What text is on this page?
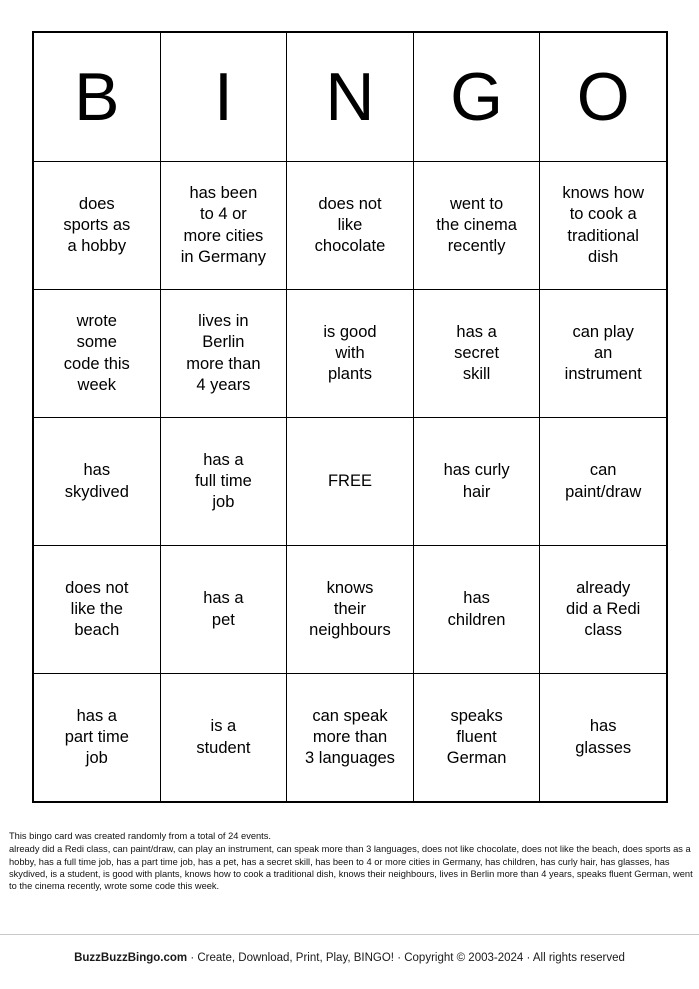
B	I	N	G	O
does
sports as
a hobby	has been
to 4 or
more cities
in Germany	does not
like
chocolate	went to
the cinema
recently	knows how
to cook a
traditional
dish
wrote
some
code this
week	lives in
Berlin
more than
4 years	is good
with
plants	has a
secret
skill	can play
an
instrument
has
skydived	has a
full time
job	FREE	has curly
hair	can
paint/draw
does not
like the
beach	has a
pet	knows
their
neighbours	has
children	already
did a Redi
class
has a
part time
job	is a
student	can speak
more than
3 languages	speaks
fluent
German	has
glasses

This bingo card was created randomly from a total of 24 events.

already did a Redi class, can paint/draw, can play an instrument, can speak more than 3 languages, does not like chocolate, does not like the beach, does sports as a hobby, has a full time job, has a part time job, has a pet, has a secret skill, has been to 4 or more cities in Germany, has children, has curly hair, has glasses, has skydived, is a student, is good with plants, knows how to cook a traditional dish, knows their neighbours, lives in Berlin more than 4 years, speaks fluent German, went to the cinema recently, wrote some code this week.

BuzzBuzzBingo.com · Create, Download, Print, Play, BINGO! · Copyright © 2003-2024 · All rights reserved
